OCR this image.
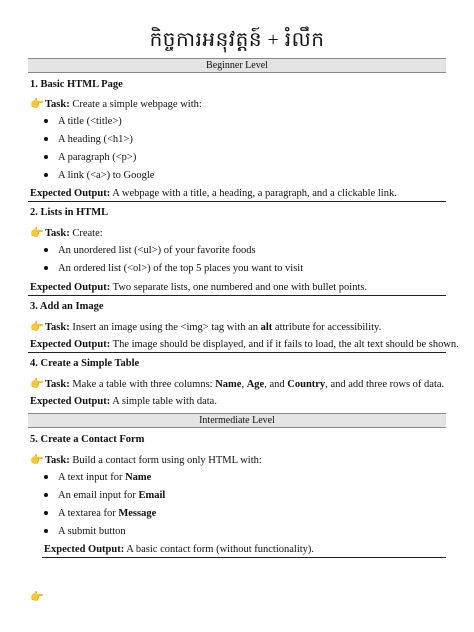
កិច្ចការអនុវត្តន៍ + រំលឹក
Beginner Level
1. Basic HTML Page
👉Task: Create a simple webpage with:
A title (<title>)
A heading (<h1>)
A paragraph (<p>)
A link (<a>) to Google
Expected Output: A webpage with a title, a heading, a paragraph, and a clickable link.
2. Lists in HTML
👉Task: Create:
An unordered list (<ul>) of your favorite foods
An ordered list (<ol>) of the top 5 places you want to visit
Expected Output: Two separate lists, one numbered and one with bullet points.
3. Add an Image
👉Task: Insert an image using the <img> tag with an alt attribute for accessibility.
Expected Output: The image should be displayed, and if it fails to load, the alt text should be shown.
4. Create a Simple Table
👉Task: Make a table with three columns: Name, Age, and Country, and add three rows of data.
Expected Output: A simple table with data.
Intermediate Level
5. Create a Contact Form
👉Task: Build a contact form using only HTML with:
A text input for Name
An email input for Email
A textarea for Message
A submit button
Expected Output: A basic contact form (without functionality).
👉
